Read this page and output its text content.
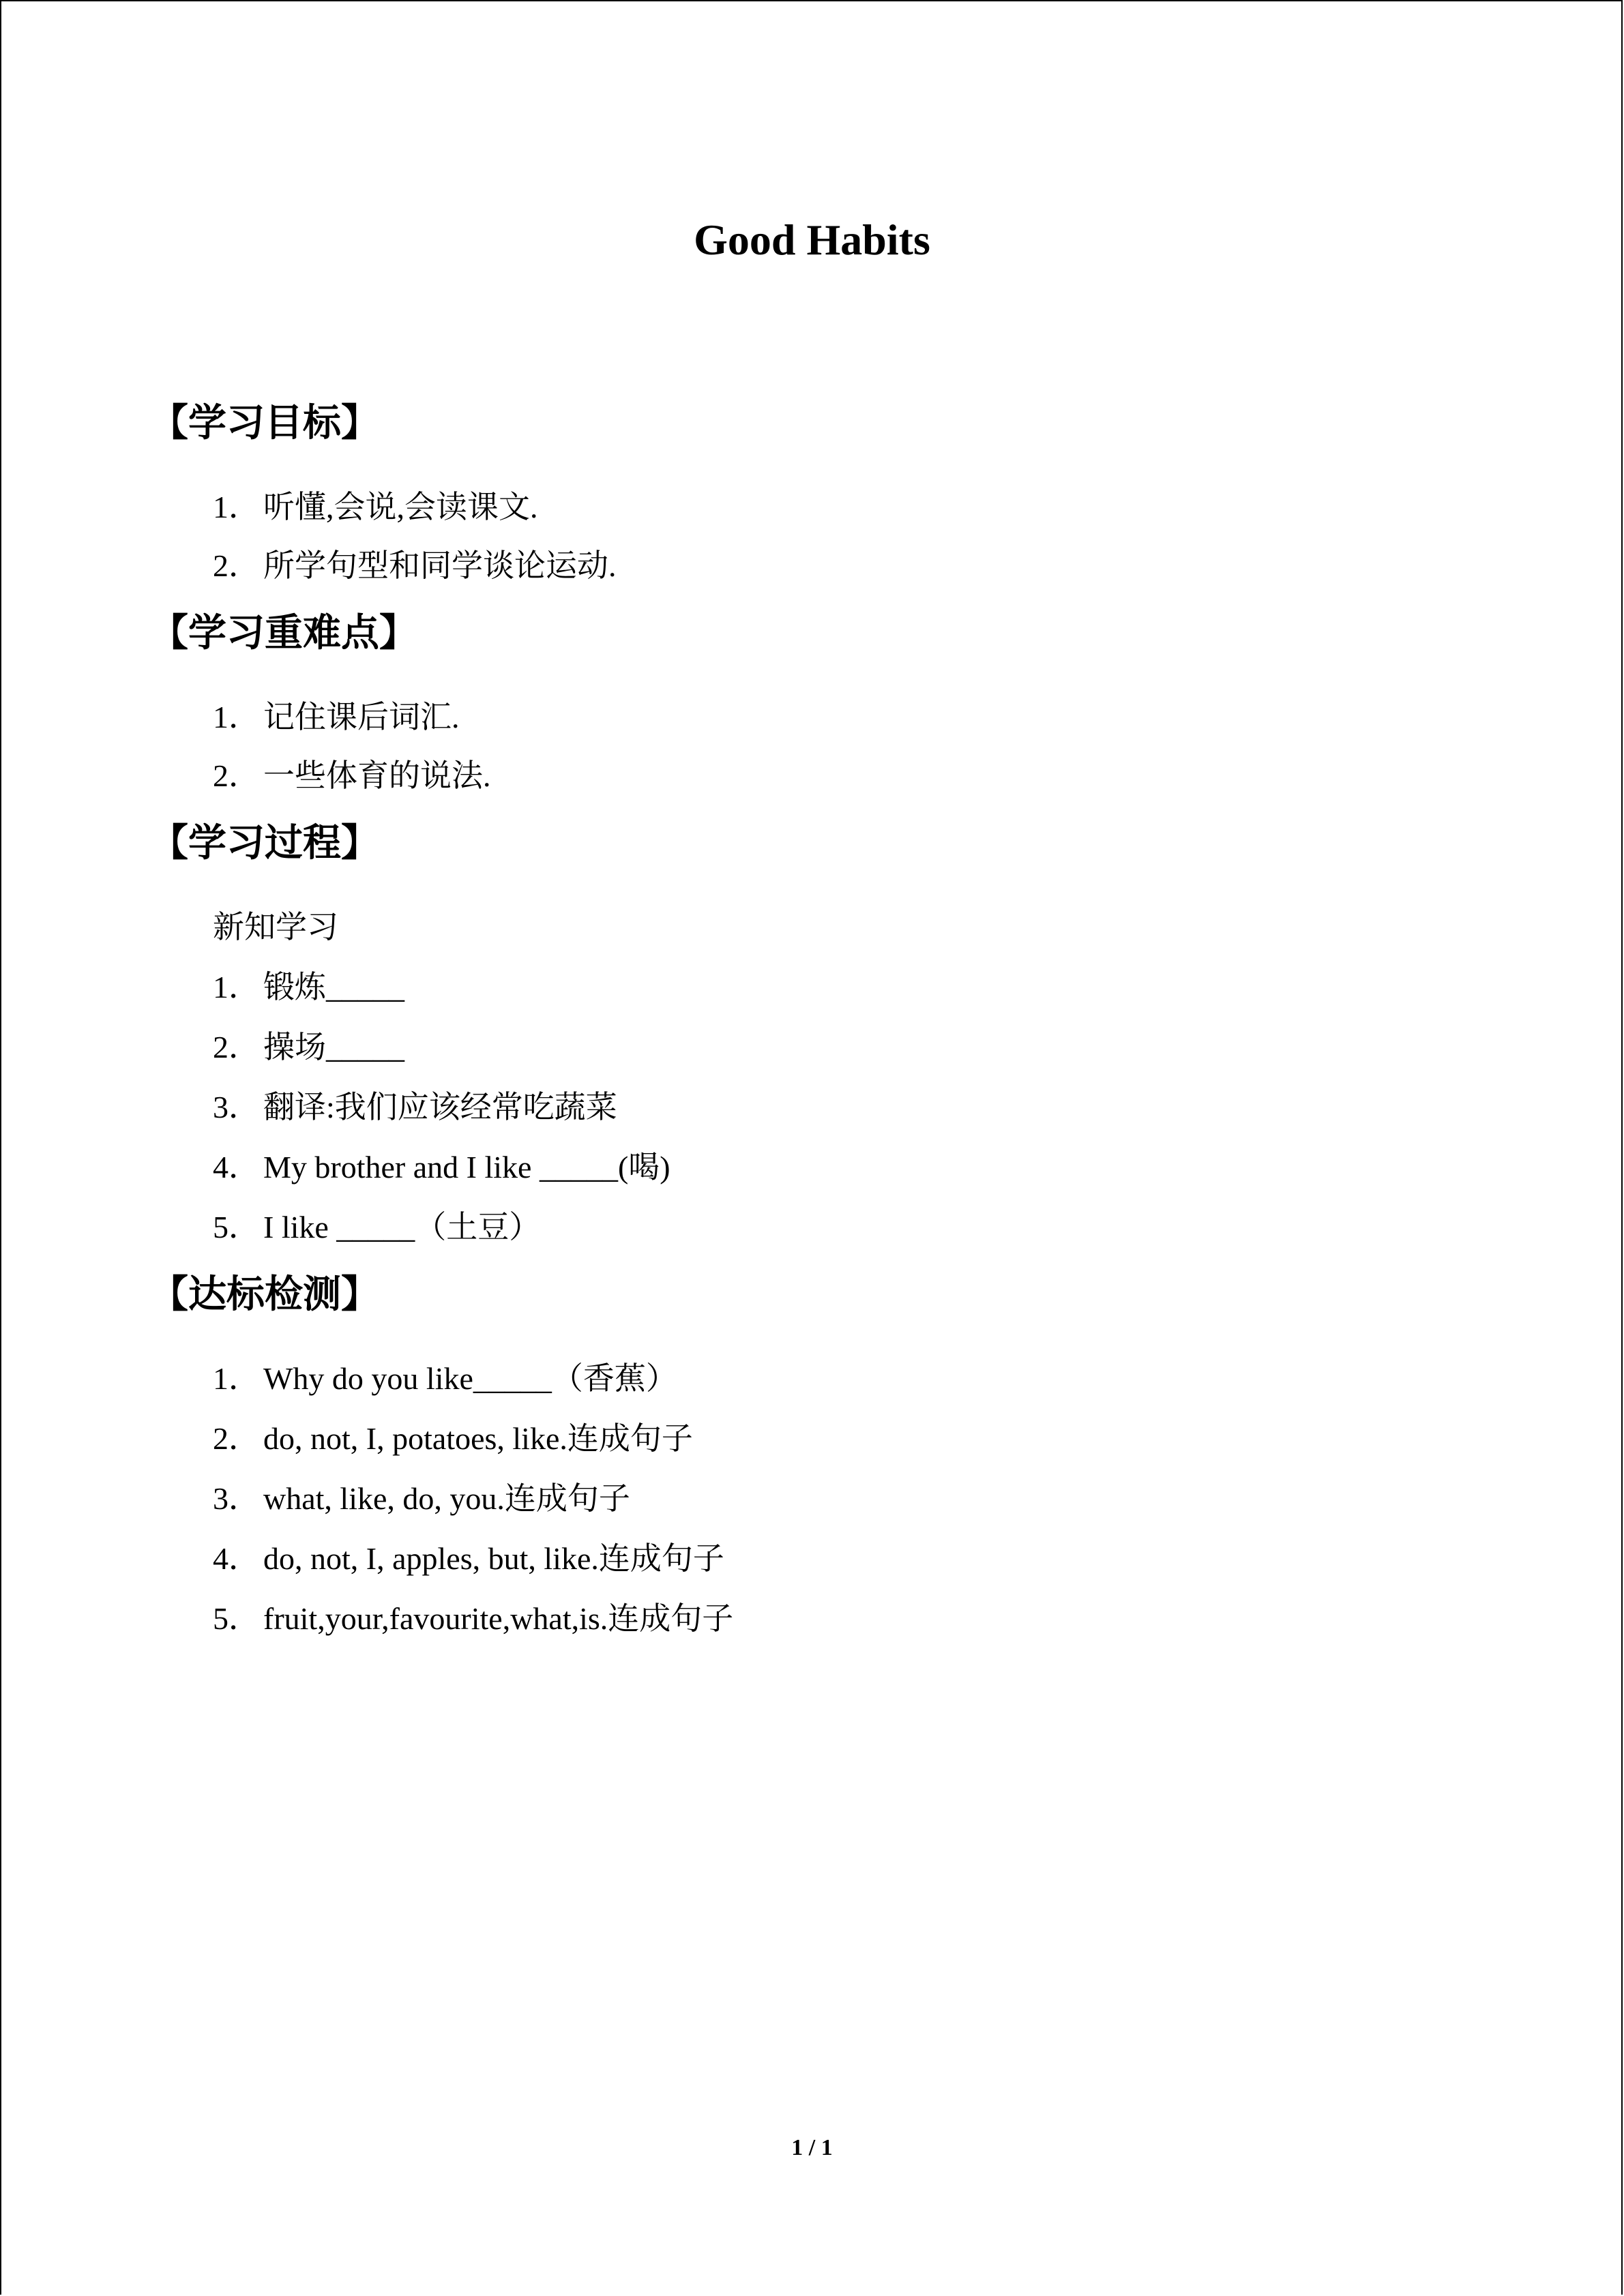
Good Habits
【学习目标】
1． 听懂,会说,会读课文.
2． 所学句型和同学谈论运动.
【学习重难点】
1． 记住课后词汇.
2． 一些体育的说法.
【学习过程】
新知学习
1． 锻炼_____
2． 操场_____
3． 翻译:我们应该经常吃蔬菜
4． My brother and I like _____(喝)
5． I like _____（土豆）
【达标检测】
1． Why do you like_____（香蕉）
2． do, not, I, potatoes, like.连成句子
3． what, like, do, you.连成句子
4． do, not, I, apples, but, like.连成句子
5． fruit,your,favourite,what,is.连成句子
1 / 1
